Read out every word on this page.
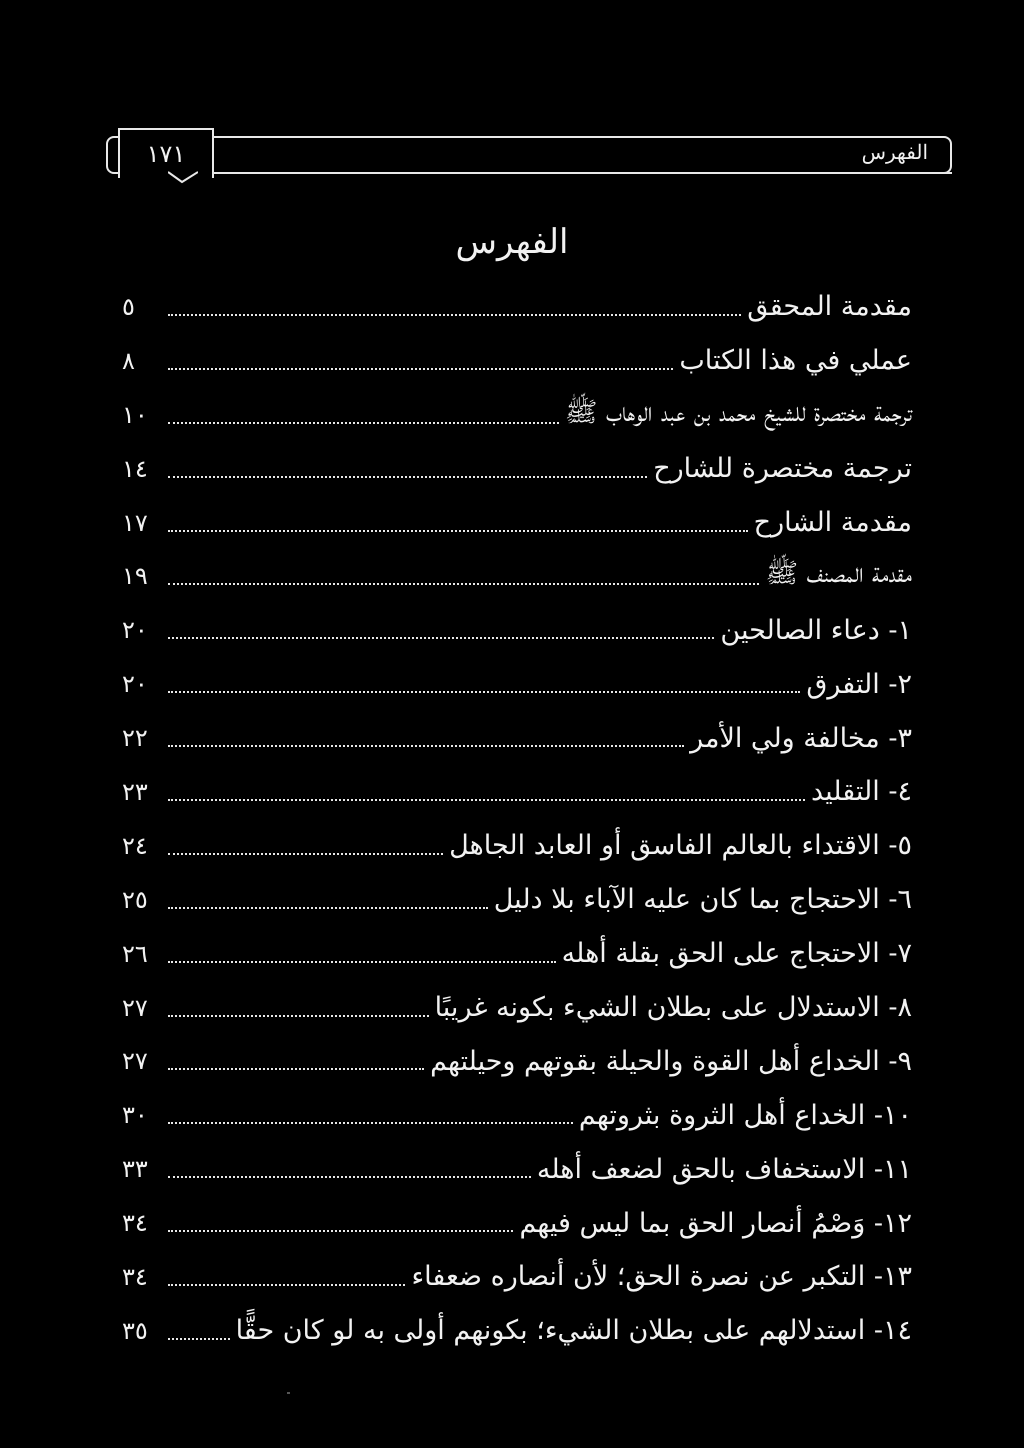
١٧١	الفهرس
الفهرس
مقدمة المحقق
٥
عملي في هذا الكتاب
٨
ترجمة مختصرة للشيخ محمد بن عبد الوهاب ﷺ
١٠
ترجمة مختصرة للشارح
١٤
مقدمة الشارح
١٧
مقدمة المصنف ﷺ
١٩
١- دعاء الصالحين
٢٠
٢- التفرق
٢٠
٣- مخالفة ولي الأمر
٢٢
٤- التقليد
٢٣
٥- الاقتداء بالعالم الفاسق أو العابد الجاهل
٢٤
٦- الاحتجاج بما كان عليه الآباء بلا دليل
٢٥
٧- الاحتجاج على الحق بقلة أهله
٢٦
٨- الاستدلال على بطلان الشيء بكونه غريبًا
٢٧
٩- الخداع أهل القوة والحيلة بقوتهم وحيلتهم
٢٧
١٠- الخداع أهل الثروة بثروتهم
٣٠
١١- الاستخفاف بالحق لضعف أهله
٣٣
١٢- وَصْمُ أنصار الحق بما ليس فيهم
٣٤
١٣- التكبر عن نصرة الحق؛ لأن أنصاره ضعفاء
٣٤
١٤- استدلالهم على بطلان الشيء؛ بكونهم أولى به لو كان حقًّا
٣٥
